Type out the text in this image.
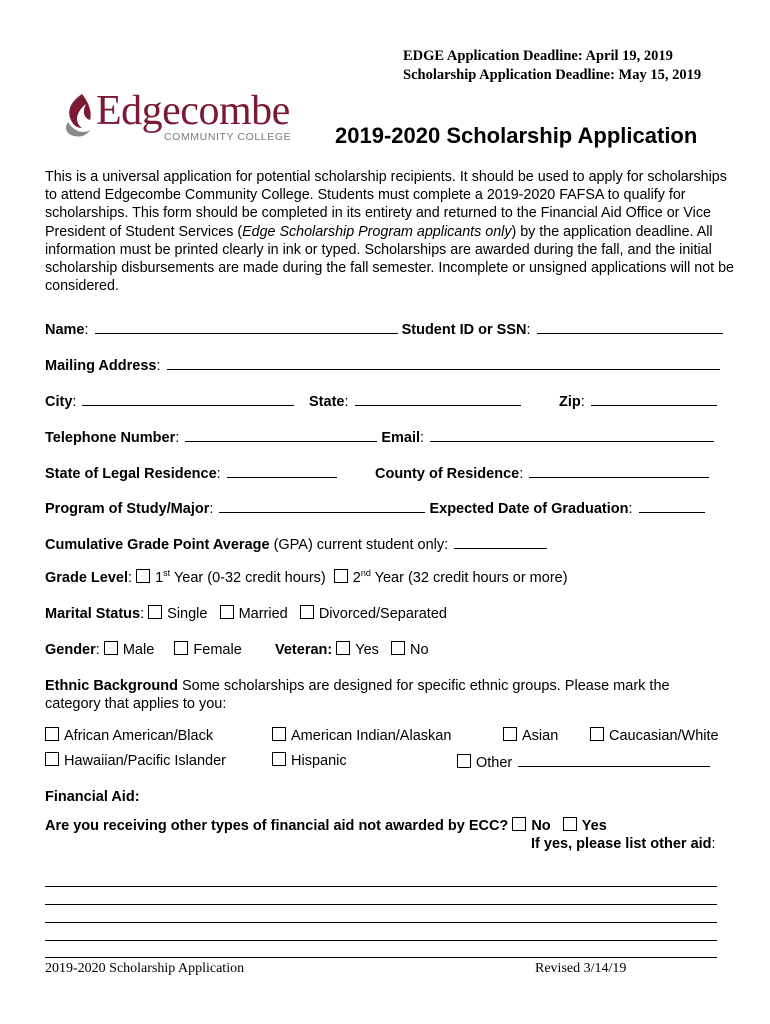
EDGE Application Deadline: April 19, 2019
Scholarship Application Deadline: May 15, 2019
Edgecombe
COMMUNITY COLLEGE 2019-2020 Scholarship Application
This is a universal application for potential scholarship recipients. It should be used to apply for scholarships to attend Edgecombe Community College. Students must complete a 2019-2020 FAFSA to qualify for scholarships. This form should be completed in its entirety and returned to the Financial Aid Office or Vice President of Student Services (Edge Scholarship Program applicants only) by the application deadline. All information must be printed clearly in ink or typed. Scholarships are awarded during the fall, and the initial scholarship disbursements are made during the fall semester. Incomplete or unsigned applications will not be considered.
Name:	Student ID or SSN:
Mailing Address:
City:	State:	Zip:
Telephone Number:	Email:
State of Legal Residence:	County of Residence:
Program of Study/Major:	Expected Date of Graduation:
Cumulative Grade Point Average (GPA) current student only:
Grade Level: 1st Year (0-32 credit hours) 2nd Year (32 credit hours or more)
Marital Status: Single Married Divorced/Separated
Gender: Male	Female Veteran: Yes No
Ethnic Background Some scholarships are designed for specific ethnic groups. Please mark the category that applies to you:
African American/Black	American Indian/Alaskan	Asian	Caucasian/White
Hawaiian/Pacific Islander	Hispanic	Other
Financial Aid:
Are you receiving other types of financial aid not awarded by ECC? No Yes
If yes, please list other aid:
2019-2020 Scholarship Application	Revised 3/14/19
